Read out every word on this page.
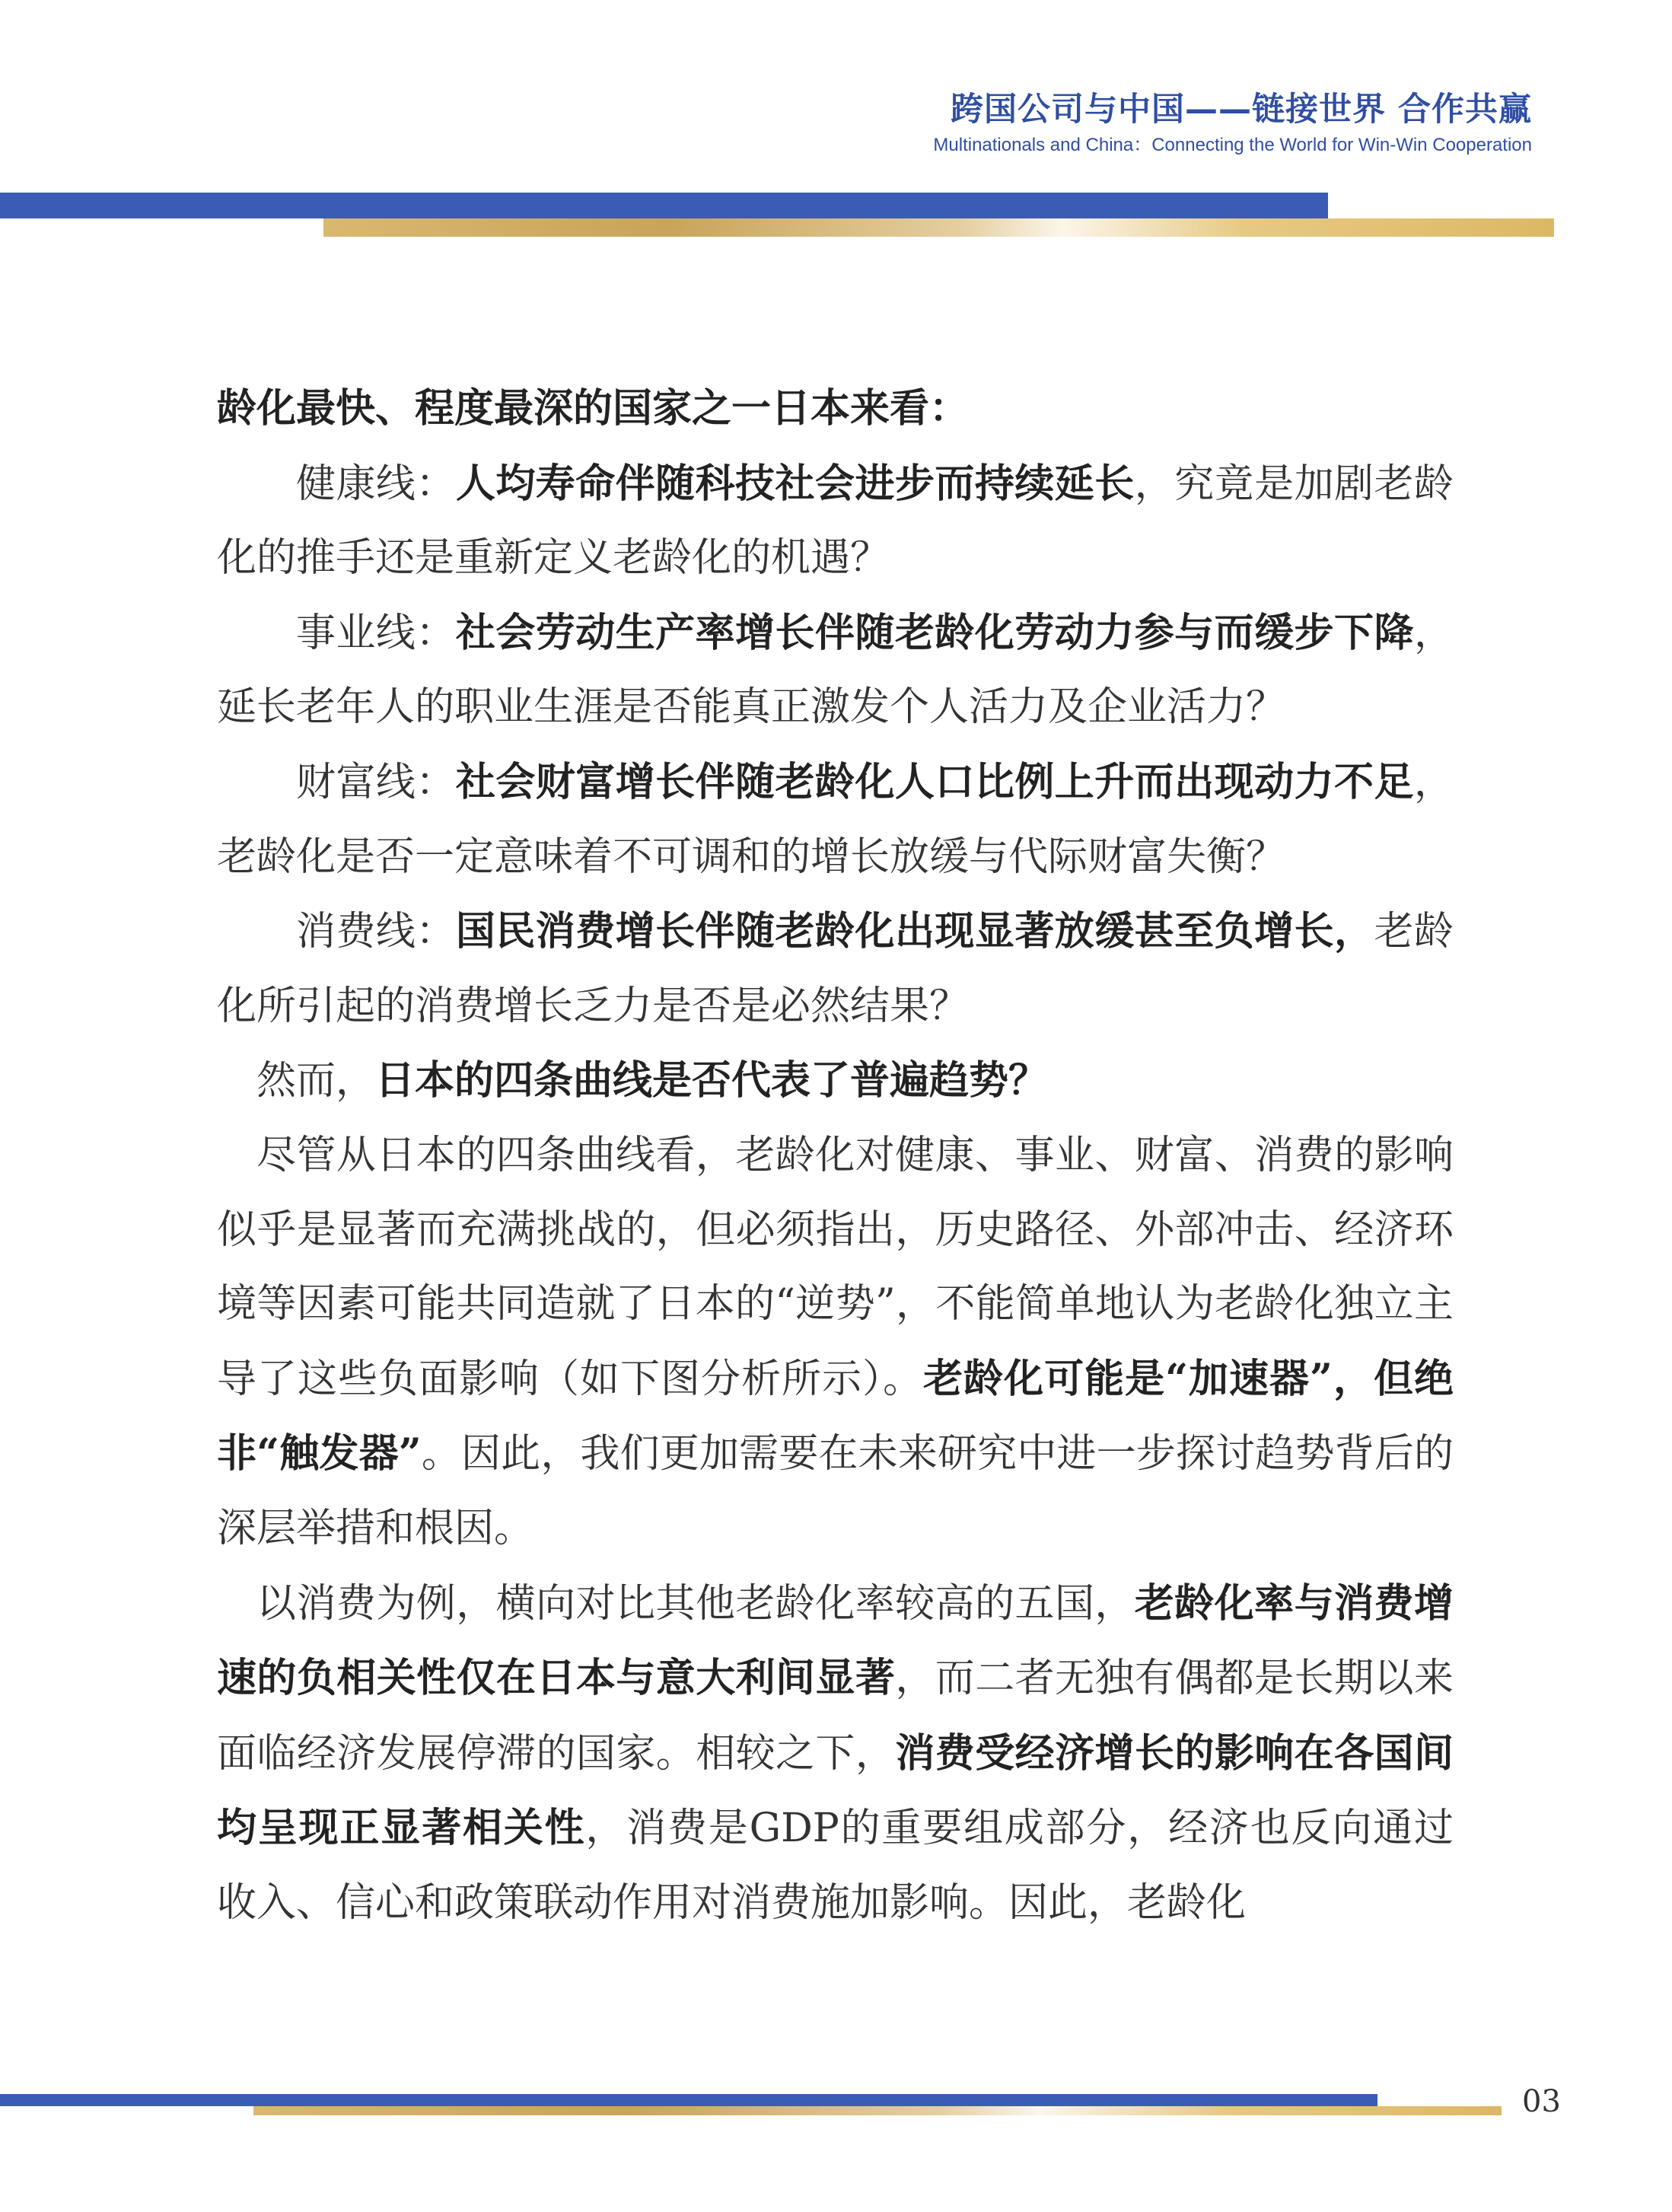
跨国公司与中国——链接世界 合作共赢
Multinationals and China：Connecting the World for Win-Win Cooperation

龄化最快、程度最深的国家之一日本来看：

健康线：人均寿命伴随科技社会进步而持续延长，究竟是加剧老龄化的推手还是重新定义老龄化的机遇？

事业线：社会劳动生产率增长伴随老龄化劳动力参与而缓步下降，延长老年人的职业生涯是否能真正激发个人活力及企业活力？

财富线：社会财富增长伴随老龄化人口比例上升而出现动力不足，老龄化是否一定意味着不可调和的增长放缓与代际财富失衡？

消费线：国民消费增长伴随老龄化出现显著放缓甚至负增长，老龄化所引起的消费增长乏力是否是必然结果？

然而，日本的四条曲线是否代表了普遍趋势？

尽管从日本的四条曲线看，老龄化对健康、事业、财富、消费的影响似乎是显著而充满挑战的，但必须指出，历史路径、外部冲击、经济环境等因素可能共同造就了日本的“逆势”，不能简单地认为老龄化独立主导了这些负面影响（如下图分析所示）。老龄化可能是“加速器”，但绝非“触发器”。因此，我们更加需要在未来研究中进一步探讨趋势背后的深层举措和根因。

以消费为例，横向对比其他老龄化率较高的五国，老龄化率与消费增速的负相关性仅在日本与意大利间显著，而二者无独有偶都是长期以来面临经济发展停滞的国家。相较之下，消费受经济增长的影响在各国间均呈现正显著相关性，消费是GDP的重要组成部分，经济也反向通过收入、信心和政策联动作用对消费施加影响。因此，老龄化

03
